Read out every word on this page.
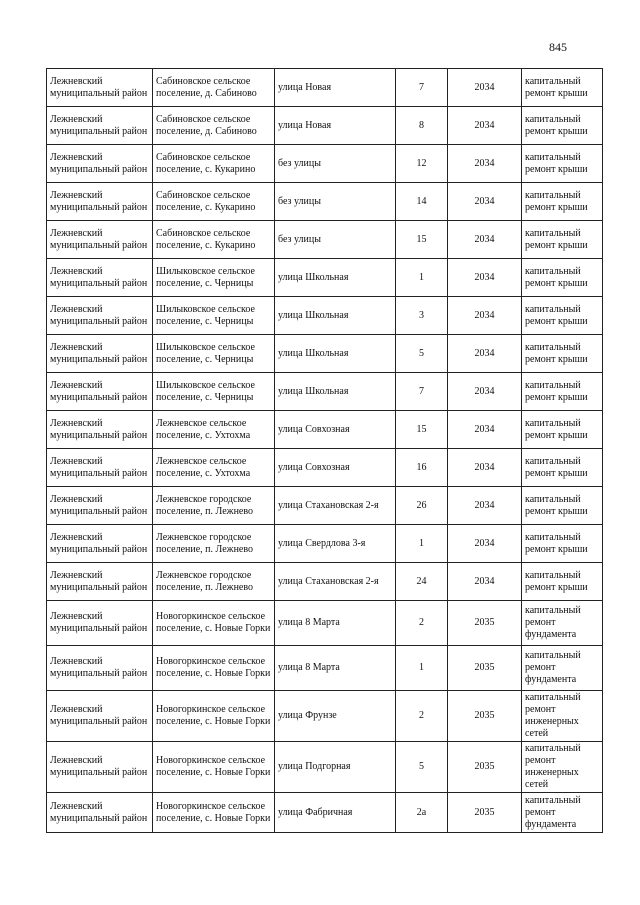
845
Лежневский муниципальный район	Сабиновское сельское поселение, д. Сабиново	улица Новая	7	2034	капитальный ремонт крыши
Лежневский муниципальный район	Сабиновское сельское поселение, д. Сабиново	улица Новая	8	2034	капитальный ремонт крыши
Лежневский муниципальный район	Сабиновское сельское поселение, с. Кукарино	без улицы	12	2034	капитальный ремонт крыши
Лежневский муниципальный район	Сабиновское сельское поселение, с. Кукарино	без улицы	14	2034	капитальный ремонт крыши
Лежневский муниципальный район	Сабиновское сельское поселение, с. Кукарино	без улицы	15	2034	капитальный ремонт крыши
Лежневский муниципальный район	Шилыковское сельское поселение, с. Черницы	улица Школьная	1	2034	капитальный ремонт крыши
Лежневский муниципальный район	Шилыковское сельское поселение, с. Черницы	улица Школьная	3	2034	капитальный ремонт крыши
Лежневский муниципальный район	Шилыковское сельское поселение, с. Черницы	улица Школьная	5	2034	капитальный ремонт крыши
Лежневский муниципальный район	Шилыковское сельское поселение, с. Черницы	улица Школьная	7	2034	капитальный ремонт крыши
Лежневский муниципальный район	Лежневское сельское поселение, с. Ухтохма	улица Совхозная	15	2034	капитальный ремонт крыши
Лежневский муниципальный район	Лежневское сельское поселение, с. Ухтохма	улица Совхозная	16	2034	капитальный ремонт крыши
Лежневский муниципальный район	Лежневское городское поселение, п. Лежнево	улица Стахановская 2-я	26	2034	капитальный ремонт крыши
Лежневский муниципальный район	Лежневское городское поселение, п. Лежнево	улица Свердлова 3-я	1	2034	капитальный ремонт крыши
Лежневский муниципальный район	Лежневское городское поселение, п. Лежнево	улица Стахановская 2-я	24	2034	капитальный ремонт крыши
Лежневский муниципальный район	Новогоркинское сельское поселение, с. Новые Горки	улица 8 Марта	2	2035	капитальный ремонт фундамента
Лежневский муниципальный район	Новогоркинское сельское поселение, с. Новые Горки	улица 8 Марта	1	2035	капитальный ремонт фундамента
Лежневский муниципальный район	Новогоркинское сельское поселение, с. Новые Горки	улица Фрунзе	2	2035	капитальный ремонт инженерных сетей
Лежневский муниципальный район	Новогоркинское сельское поселение, с. Новые Горки	улица Подгорная	5	2035	капитальный ремонт инженерных сетей
Лежневский муниципальный район	Новогоркинское сельское поселение, с. Новые Горки	улица Фабричная	2а	2035	капитальный ремонт фундамента
